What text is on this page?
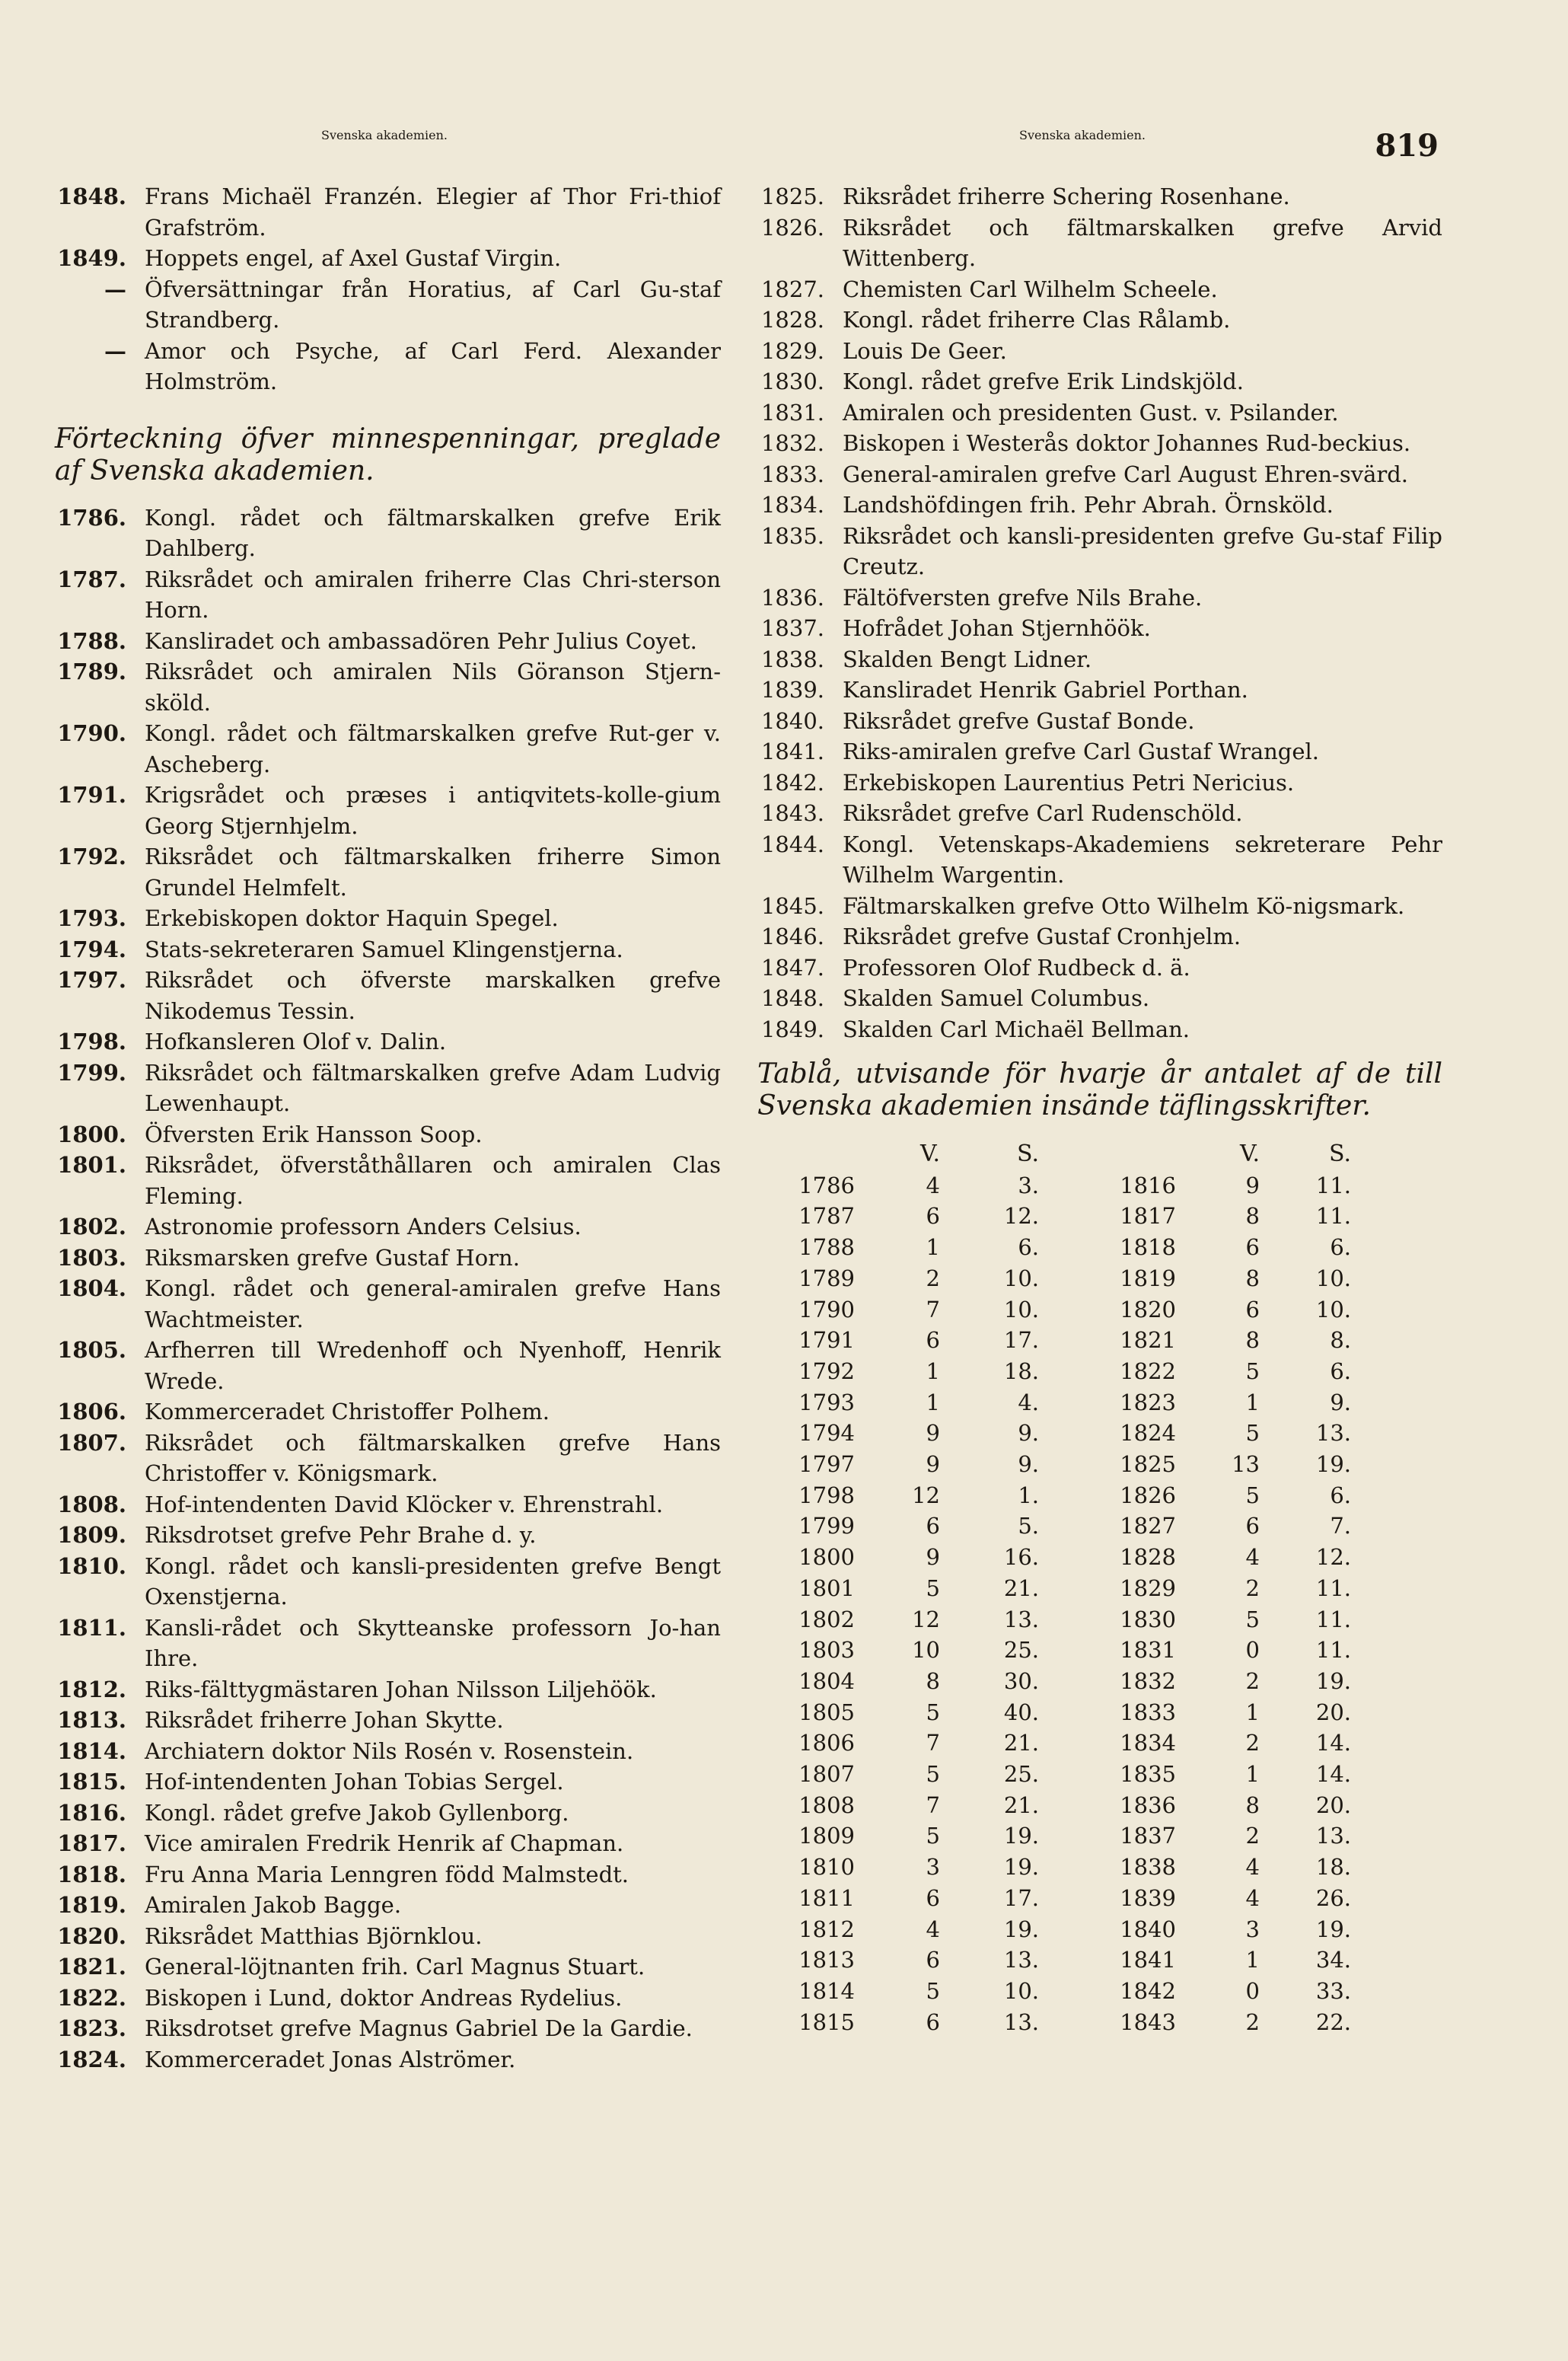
Svenska akademien.	Svenska akademien.	819
1848. Frans Michaël Franzén. Elegier af Thor Fri-thiof Grafström.
1849. Hoppets engel, af Axel Gustaf Virgin.
— Öfversättningar från Horatius, af Carl Gu-staf Strandberg.
— Amor och Psyche, af Carl Ferd. Alexander Holmström.
Förteckning öfver minnespenningar, preglade af Svenska akademien.
1786. Kongl. rådet och fältmarskalken grefve Erik Dahlberg.
1787. Riksrådet och amiralen friherre Clas Chri-sterson Horn.
1788. Kansliradet och ambassadören Pehr Julius Coyet.
1789. Riksrådet och amiralen Nils Göranson Stjern-sköld.
1790. Kongl. rådet och fältmarskalken grefve Rut-ger v. Ascheberg.
1791. Krigsrådet och præses i antiqvitets-kolle-gium Georg Stjernhjelm.
1792. Riksrådet och fältmarskalken friherre Simon Grundel Helmfelt.
1793. Erkebiskopen doktor Haquin Spegel.
1794. Stats-sekreteraren Samuel Klingenstjerna.
1797. Riksrådet och öfverste marskalken grefve Nikodemus Tessin.
1798. Hofkansleren Olof v. Dalin.
1799. Riksrådet och fältmarskalken grefve Adam Ludvig Lewenhaupt.
1800. Öfversten Erik Hansson Soop.
1801. Riksrådet, öfverståthållaren och amiralen Clas Fleming.
1802. Astronomie professorn Anders Celsius.
1803. Riksmarsken grefve Gustaf Horn.
1804. Kongl. rådet och general-amiralen grefve Hans Wachtmeister.
1805. Arfherren till Wredenhoff och Nyenhoff, Henrik Wrede.
1806. Kommerceradet Christoffer Polhem.
1807. Riksrådet och fältmarskalken grefve Hans Christoffer v. Königsmark.
1808. Hof-intendenten David Klöcker v. Ehrenstrahl.
1809. Riksdrotset grefve Pehr Brahe d. y.
1810. Kongl. rådet och kansli-presidenten grefve Bengt Oxenstjerna.
1811. Kansli-rådet och Skytteanske professorn Jo-han Ihre.
1812. Riks-fälttygmästaren Johan Nilsson Liljehöök.
1813. Riksrådet friherre Johan Skytte.
1814. Archiatern doktor Nils Rosén v. Rosenstein.
1815. Hof-intendenten Johan Tobias Sergel.
1816. Kongl. rådet grefve Jakob Gyllenborg.
1817. Vice amiralen Fredrik Henrik af Chapman.
1818. Fru Anna Maria Lenngren född Malmstedt.
1819. Amiralen Jakob Bagge.
1820. Riksrådet Matthias Björnklou.
1821. General-löjtnanten frih. Carl Magnus Stuart.
1822. Biskopen i Lund, doktor Andreas Rydelius.
1823. Riksdrotset grefve Magnus Gabriel De la Gardie.
1824. Kommerceradet Jonas Alströmer.
1825. Riksrådet friherre Schering Rosenhane.
1826. Riksrådet och fältmarskalken grefve Arvid Wittenberg.
1827. Chemisten Carl Wilhelm Scheele.
1828. Kongl. rådet friherre Clas Rålamb.
1829. Louis De Geer.
1830. Kongl. rådet grefve Erik Lindskjöld.
1831. Amiralen och presidenten Gust. v. Psilander.
1832. Biskopen i Westerås doktor Johannes Rud-beckius.
1833. General-amiralen grefve Carl August Ehren-svärd.
1834. Landshöfdingen frih. Pehr Abrah. Örnsköld.
1835. Riksrådet och kansli-presidenten grefve Gu-staf Filip Creutz.
1836. Fältöfversten grefve Nils Brahe.
1837. Hofrådet Johan Stjernhöök.
1838. Skalden Bengt Lidner.
1839. Kansliradet Henrik Gabriel Porthan.
1840. Riksrådet grefve Gustaf Bonde.
1841. Riks-amiralen grefve Carl Gustaf Wrangel.
1842. Erkebiskopen Laurentius Petri Nericius.
1843. Riksrådet grefve Carl Rudenschöld.
1844. Kongl. Vetenskaps-Akademiens sekreterare Pehr Wilhelm Wargentin.
1845. Fältmarskalken grefve Otto Wilhelm Kö-nigsmark.
1846. Riksrådet grefve Gustaf Cronhjelm.
1847. Professoren Olof Rudbeck d. ä.
1848. Skalden Samuel Columbus.
1849. Skalden Carl Michaël Bellman.
Tablå, utvisande för hvarje år antalet af de till Svenska akademien insände täflingsskrifter.
	V.	S.		V.	S.
1786	4	3.	1816	9	11.
1787	6	12.	1817	8	11.
1788	1	6.	1818	6	6.
1789	2	10.	1819	8	10.
1790	7	10.	1820	6	10.
1791	6	17.	1821	8	8.
1792	1	18.	1822	5	6.
1793	1	4.	1823	1	9.
1794	9	9.	1824	5	13.
1797	9	9.	1825	13	19.
1798	12	1.	1826	5	6.
1799	6	5.	1827	6	7.
1800	9	16.	1828	4	12.
1801	5	21.	1829	2	11.
1802	12	13.	1830	5	11.
1803	10	25.	1831	0	11.
1804	8	30.	1832	2	19.
1805	5	40.	1833	1	20.
1806	7	21.	1834	2	14.
1807	5	25.	1835	1	14.
1808	7	21.	1836	8	20.
1809	5	19.	1837	2	13.
1810	3	19.	1838	4	18.
1811	6	17.	1839	4	26.
1812	4	19.	1840	3	19.
1813	6	13.	1841	1	34.
1814	5	10.	1842	0	33.
1815	6	13.	1843	2	22.
